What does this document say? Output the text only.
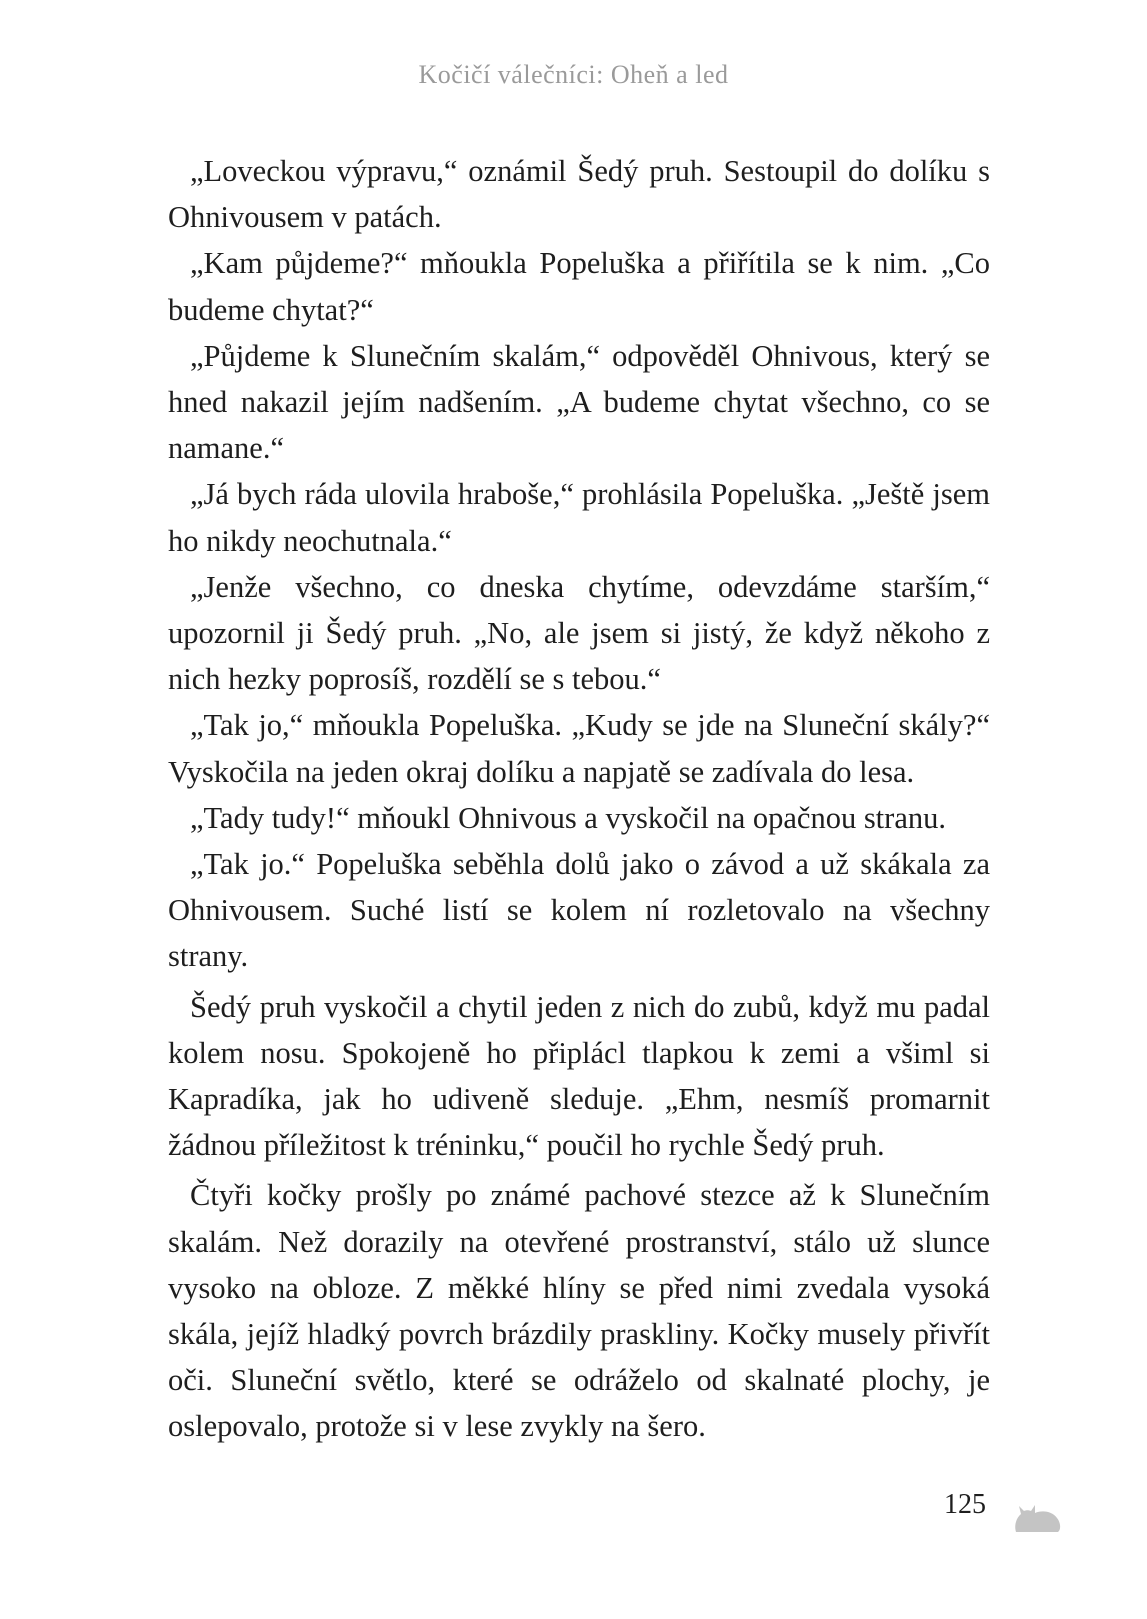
Kočičí válečníci: Oheň a led

„Loveckou výpravu,“ oznámil Šedý pruh. Sestoupil do dolíku s Ohnivousem v patách.

„Kam půjdeme?“ mňoukla Popeluška a přiřítila se k nim. „Co budeme chytat?“

„Půjdeme k Slunečním skalám,“ odpověděl Ohnivous, který se hned nakazil jejím nadšením. „A budeme chytat všechno, co se namane.“

„Já bych ráda ulovila hraboše,“ prohlásila Popeluška. „Ještě jsem ho nikdy neochutnala.“

„Jenže všechno, co dneska chytíme, odevzdáme starším,“ upozornil ji Šedý pruh. „No, ale jsem si jistý, že když někoho z nich hezky poprosíš, rozdělí se s tebou.“

„Tak jo,“ mňoukla Popeluška. „Kudy se jde na Sluneční skály?“ Vyskočila na jeden okraj dolíku a napjatě se zadívala do lesa.

„Tady tudy!“ mňoukl Ohnivous a vyskočil na opačnou stranu.

„Tak jo.“ Popeluška seběhla dolů jako o závod a už skákala za Ohnivousem. Suché listí se kolem ní rozletovalo na všechny strany.

Šedý pruh vyskočil a chytil jeden z nich do zubů, když mu padal kolem nosu. Spokojeně ho připlácl tlapkou k zemi a všiml si Kapradíka, jak ho udiveně sleduje. „Ehm, nesmíš promarnit žádnou příležitost k tréninku,“ poučil ho rychle Šedý pruh.

Čtyři kočky prošly po známé pachové stezce až k Slunečním skalám. Než dorazily na otevřené prostranství, stálo už slunce vysoko na obloze. Z měkké hlíny se před nimi zvedala vysoká skála, jejíž hladký povrch brázdily praskliny. Kočky musely přivřít oči. Sluneční světlo, které se odráželo od skalnaté plochy, je oslepovalo, protože si v lese zvykly na šero.

125
